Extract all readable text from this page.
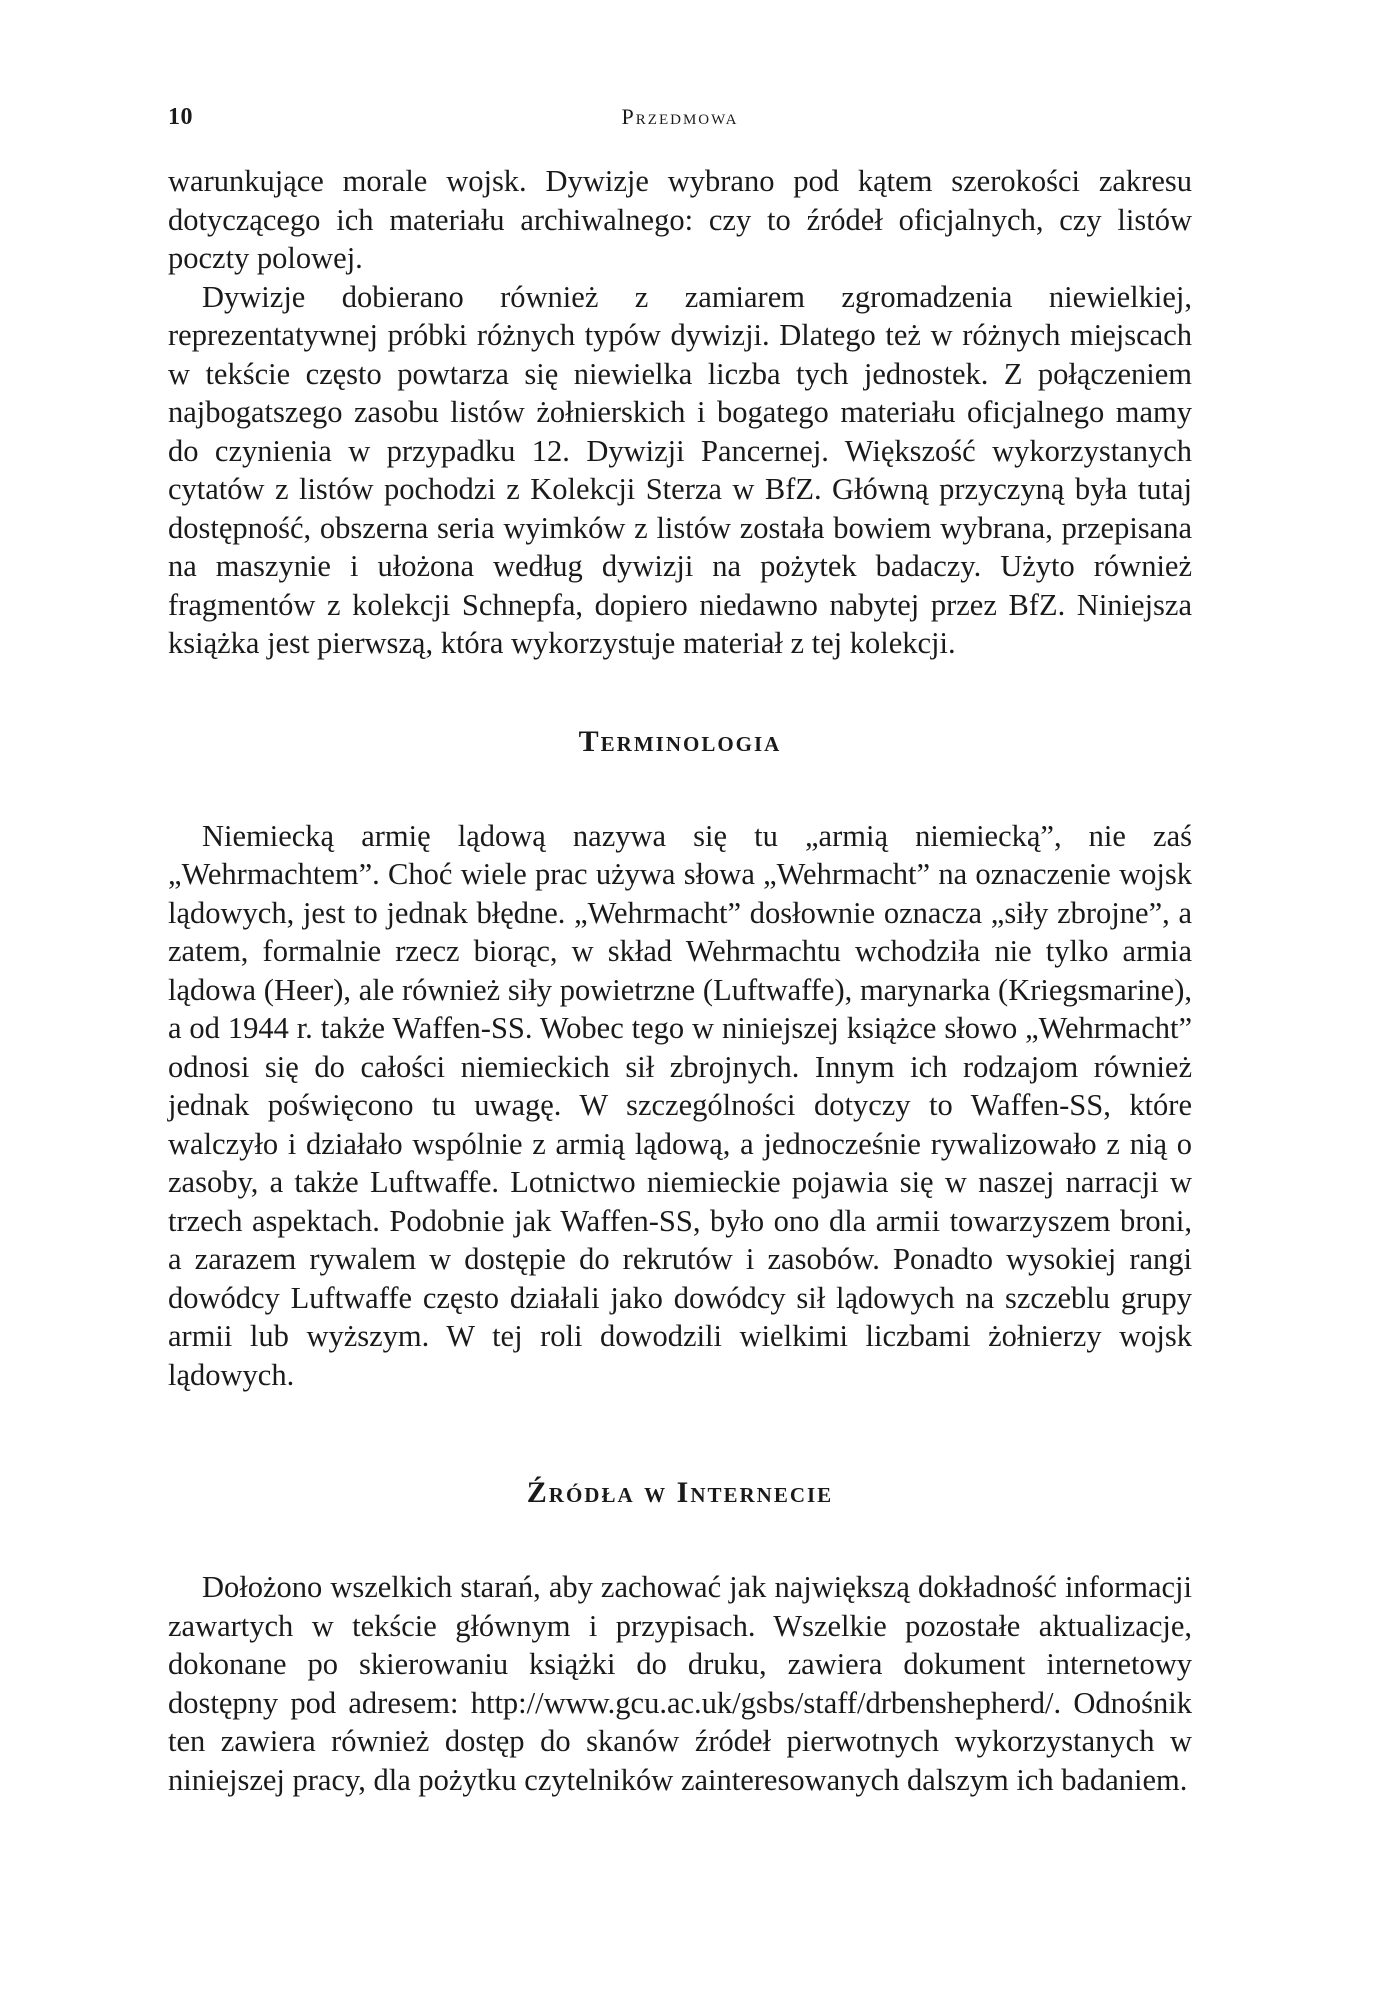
10	Przedmowa

warunkujące morale wojsk. Dywizje wybrano pod kątem szerokości zakresu dotyczącego ich materiału archiwalnego: czy to źródeł oficjalnych, czy listów poczty polowej.

Dywizje dobierano również z zamiarem zgromadzenia niewielkiej, reprezentatywnej próbki różnych typów dywizji. Dlatego też w różnych miejscach w tekście często powtarza się niewielka liczba tych jednostek. Z połączeniem najbogatszego zasobu listów żołnierskich i bogatego materiału oficjalnego mamy do czynienia w przypadku 12. Dywizji Pancernej. Większość wykorzystanych cytatów z listów pochodzi z Kolekcji Sterza w BfZ. Główną przyczyną była tutaj dostępność, obszerna seria wyimków z listów została bowiem wybrana, przepisana na maszynie i ułożona według dywizji na pożytek badaczy. Użyto również fragmentów z kolekcji Schnepfa, dopiero niedawno nabytej przez BfZ. Niniejsza książka jest pierwszą, która wykorzystuje materiał z tej kolekcji.

Terminologia

Niemiecką armię lądową nazywa się tu „armią niemiecką”, nie zaś „Wehrmachtem”. Choć wiele prac używa słowa „Wehrmacht” na oznaczenie wojsk lądowych, jest to jednak błędne. „Wehrmacht” dosłownie oznacza „siły zbrojne”, a zatem, formalnie rzecz biorąc, w skład Wehrmachtu wchodziła nie tylko armia lądowa (Heer), ale również siły powietrzne (Luftwaffe), marynarka (Kriegsmarine), a od 1944 r. także Waffen-SS. Wobec tego w niniejszej książce słowo „Wehrmacht” odnosi się do całości niemieckich sił zbrojnych. Innym ich rodzajom również jednak poświęcono tu uwagę. W szczególności dotyczy to Waffen-SS, które walczyło i działało wspólnie z armią lądową, a jednocześnie rywalizowało z nią o zasoby, a także Luftwaffe. Lotnictwo niemieckie pojawia się w naszej narracji w trzech aspektach. Podobnie jak Waffen-SS, było ono dla armii towarzyszem broni, a zarazem rywalem w dostępie do rekrutów i zasobów. Ponadto wysokiej rangi dowódcy Luftwaffe często działali jako dowódcy sił lądowych na szczeblu grupy armii lub wyższym. W tej roli dowodzili wielkimi liczbami żołnierzy wojsk lądowych.

Źródła w Internecie

Dołożono wszelkich starań, aby zachować jak największą dokładność informacji zawartych w tekście głównym i przypisach. Wszelkie pozostałe aktualizacje, dokonane po skierowaniu książki do druku, zawiera dokument internetowy dostępny pod adresem: http://www.gcu.ac.uk/gsbs/staff/drbenshepherd/. Odnośnik ten zawiera również dostęp do skanów źródeł pierwotnych wykorzystanych w niniejszej pracy, dla pożytku czytelników zainteresowanych dalszym ich badaniem.
